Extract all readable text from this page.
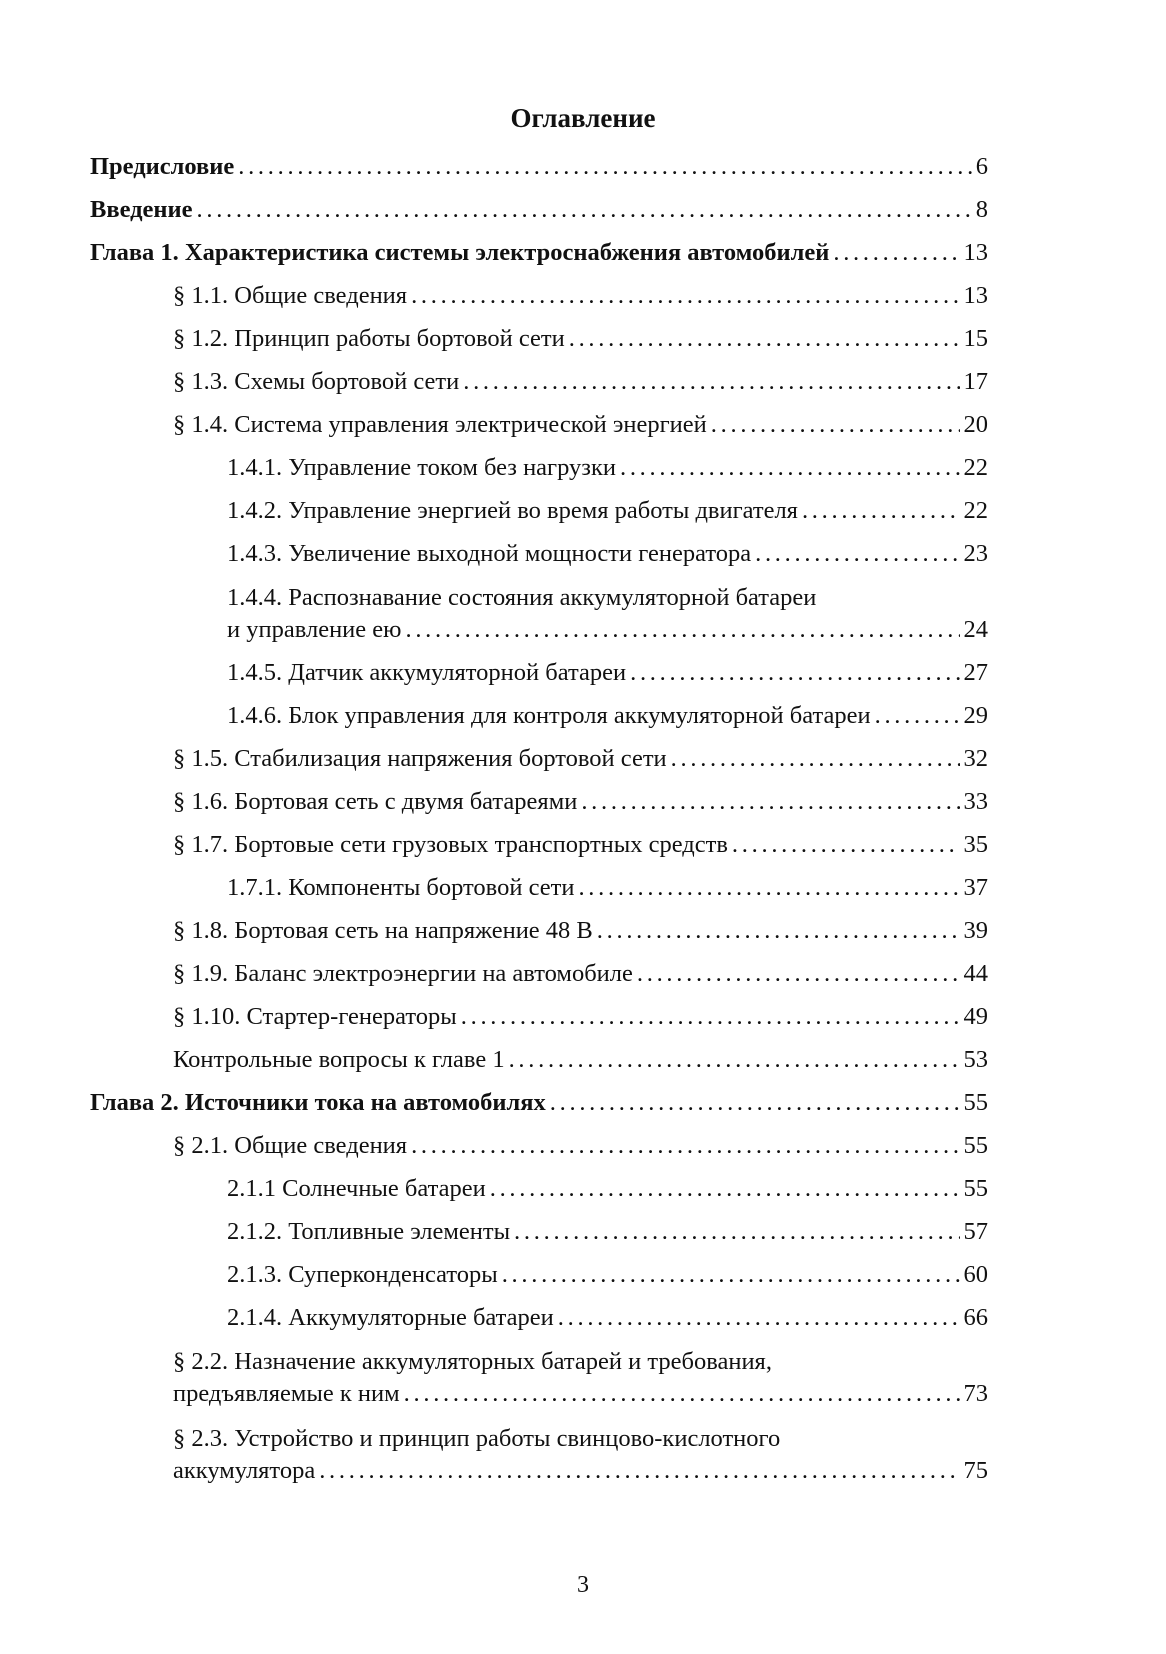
Оглавление
Предисловие . . .	6
Введение . . .	8
Глава 1. Характеристика системы электроснабжения автомобилей . . .	13
§ 1.1. Общие сведения . . .	13
§ 1.2. Принцип работы бортовой сети . . .	15
§ 1.3. Схемы бортовой сети . . .	17
§ 1.4. Система управления электрической энергией . . .	20
1.4.1. Управление током без нагрузки . . .	22
1.4.2. Управление энергией во время работы двигателя . . .	22
1.4.3. Увеличение выходной мощности генератора . . .	23
1.4.4. Распознавание состояния аккумуляторной батареи
и управление ею . . .	24
1.4.5. Датчик аккумуляторной батареи . . .	27
1.4.6. Блок управления для контроля аккумуляторной батареи . . .	29
§ 1.5. Стабилизация напряжения бортовой сети . . .	32
§ 1.6. Бортовая сеть с двумя батареями . . .	33
§ 1.7. Бортовые сети грузовых транспортных средств . . .	35
1.7.1. Компоненты бортовой сети . . .	37
§ 1.8. Бортовая сеть на напряжение 48 В . . .	39
§ 1.9. Баланс электроэнергии на автомобиле . . .	44
§ 1.10. Стартер-генераторы . . .	49
Контрольные вопросы к главе 1 . . .	53
Глава 2. Источники тока на автомобилях . . .	55
§ 2.1. Общие сведения . . .	55
2.1.1 Солнечные батареи . . .	55
2.1.2. Топливные элементы . . .	57
2.1.3. Суперконденсаторы . . .	60
2.1.4. Аккумуляторные батареи . . .	66
§ 2.2. Назначение аккумуляторных батарей и требования,
предъявляемые к ним . . .	73
§ 2.3. Устройство и принцип работы свинцово-кислотного
аккумулятора . . .	75
3
